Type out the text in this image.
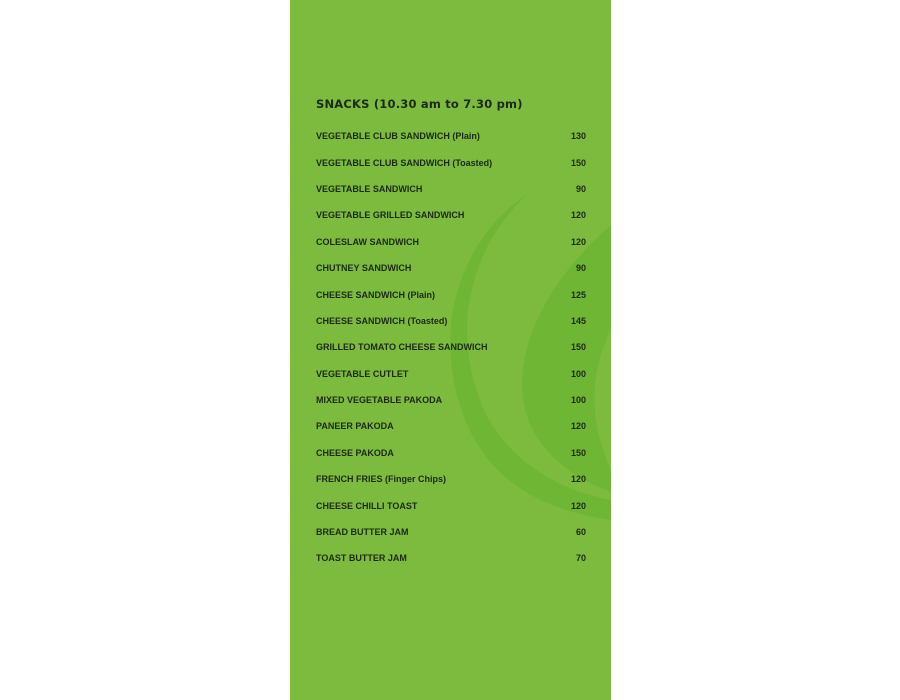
SNACKS (10.30 am to 7.30 pm)
VEGETABLE CLUB SANDWICH (Plain)	130
VEGETABLE CLUB SANDWICH (Toasted)	150
VEGETABLE SANDWICH	90
VEGETABLE GRILLED SANDWICH	120
COLESLAW SANDWICH	120
CHUTNEY SANDWICH	90
CHEESE SANDWICH (Plain)	125
CHEESE SANDWICH (Toasted)	145
GRILLED TOMATO CHEESE SANDWICH	150
VEGETABLE CUTLET	100
MIXED VEGETABLE PAKODA	100
PANEER PAKODA	120
CHEESE PAKODA	150
FRENCH FRIES (Finger Chips)	120
CHEESE CHILLI TOAST	120
BREAD BUTTER JAM	60
TOAST BUTTER JAM	70
